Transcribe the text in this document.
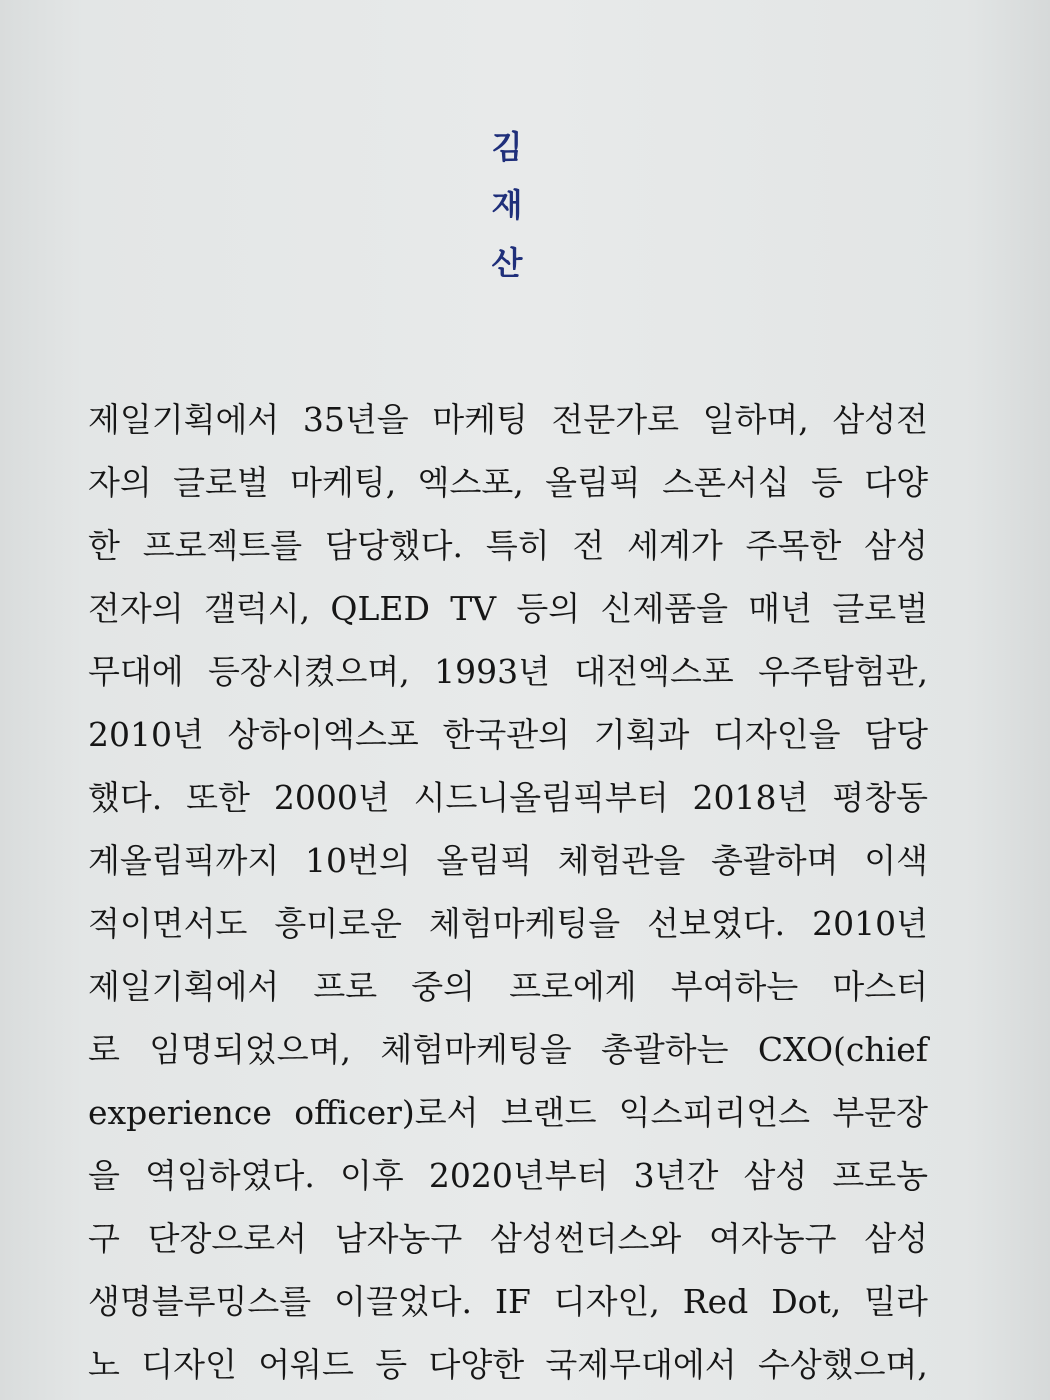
김
재
산
제일기획에서 35년을 마케팅 전문가로 일하며, 삼성전
자의 글로벌 마케팅, 엑스포, 올림픽 스폰서십 등 다양
한 프로젝트를 담당했다. 특히 전 세계가 주목한 삼성
전자의 갤럭시, QLED TV 등의 신제품을 매년 글로벌
무대에 등장시켰으며, 1993년 대전엑스포 우주탐험관,
2010년 상하이엑스포 한국관의 기획과 디자인을 담당
했다. 또한 2000년 시드니올림픽부터 2018년 평창동
계올림픽까지 10번의 올림픽 체험관을 총괄하며 이색
적이면서도 흥미로운 체험마케팅을 선보였다. 2010년
제일기획에서 프로 중의 프로에게 부여하는 마스터
로 임명되었으며, 체험마케팅을 총괄하는 CXO(chief
experience officer)로서 브랜드 익스피리언스 부문장
을 역임하였다. 이후 2020년부터 3년간 삼성 프로농
구 단장으로서 남자농구 삼성썬더스와 여자농구 삼성
생명블루밍스를 이끌었다. IF 디자인, Red Dot, 밀라
노 디자인 어워드 등 다양한 국제무대에서 수상했으며,
